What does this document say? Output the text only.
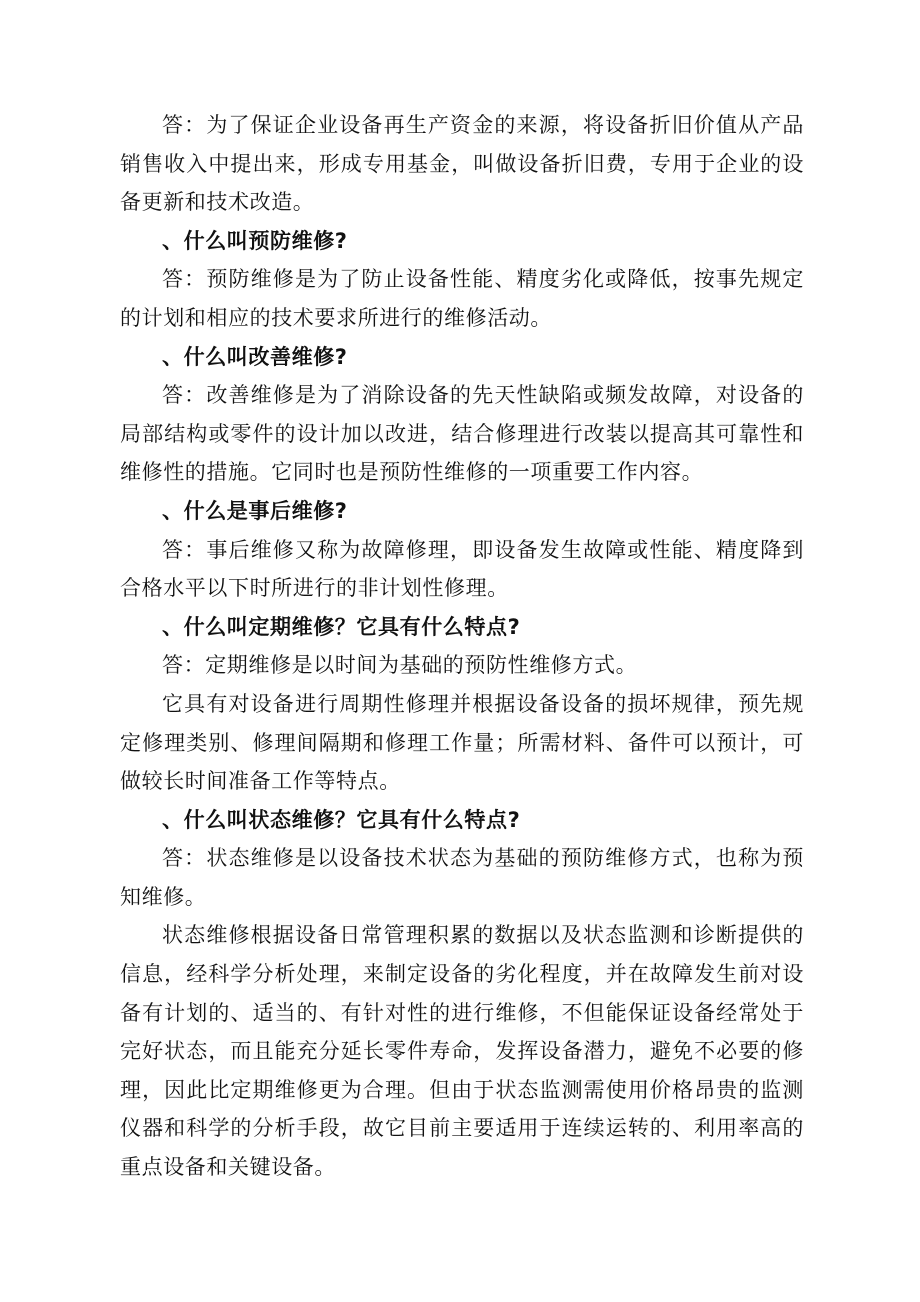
答：为了保证企业设备再生产资金的来源，将设备折旧价值从产品销售收入中提出来，形成专用基金，叫做设备折旧费，专用于企业的设备更新和技术改造。

、什么叫预防维修?

答：预防维修是为了防止设备性能、精度劣化或降低，按事先规定的计划和相应的技术要求所进行的维修活动。

、什么叫改善维修?

答：改善维修是为了消除设备的先天性缺陷或频发故障，对设备的局部结构或零件的设计加以改进，结合修理进行改装以提高其可靠性和维修性的措施。它同时也是预防性维修的一项重要工作内容。

、什么是事后维修?

答：事后维修又称为故障修理，即设备发生故障或性能、精度降到合格水平以下时所进行的非计划性修理。

、什么叫定期维修？它具有什么特点?

答：定期维修是以时间为基础的预防性维修方式。

它具有对设备进行周期性修理并根据设备设备的损坏规律，预先规定修理类别、修理间隔期和修理工作量；所需材料、备件可以预计，可做较长时间准备工作等特点。

、什么叫状态维修？它具有什么特点?

答：状态维修是以设备技术状态为基础的预防维修方式，也称为预知维修。

状态维修根据设备日常管理积累的数据以及状态监测和诊断提供的信息，经科学分析处理，来制定设备的劣化程度，并在故障发生前对设备有计划的、适当的、有针对性的进行维修，不但能保证设备经常处于完好状态，而且能充分延长零件寿命，发挥设备潜力，避免不必要的修理，因此比定期维修更为合理。但由于状态监测需使用价格昂贵的监测仪器和科学的分析手段，故它目前主要适用于连续运转的、利用率高的重点设备和关键设备。
